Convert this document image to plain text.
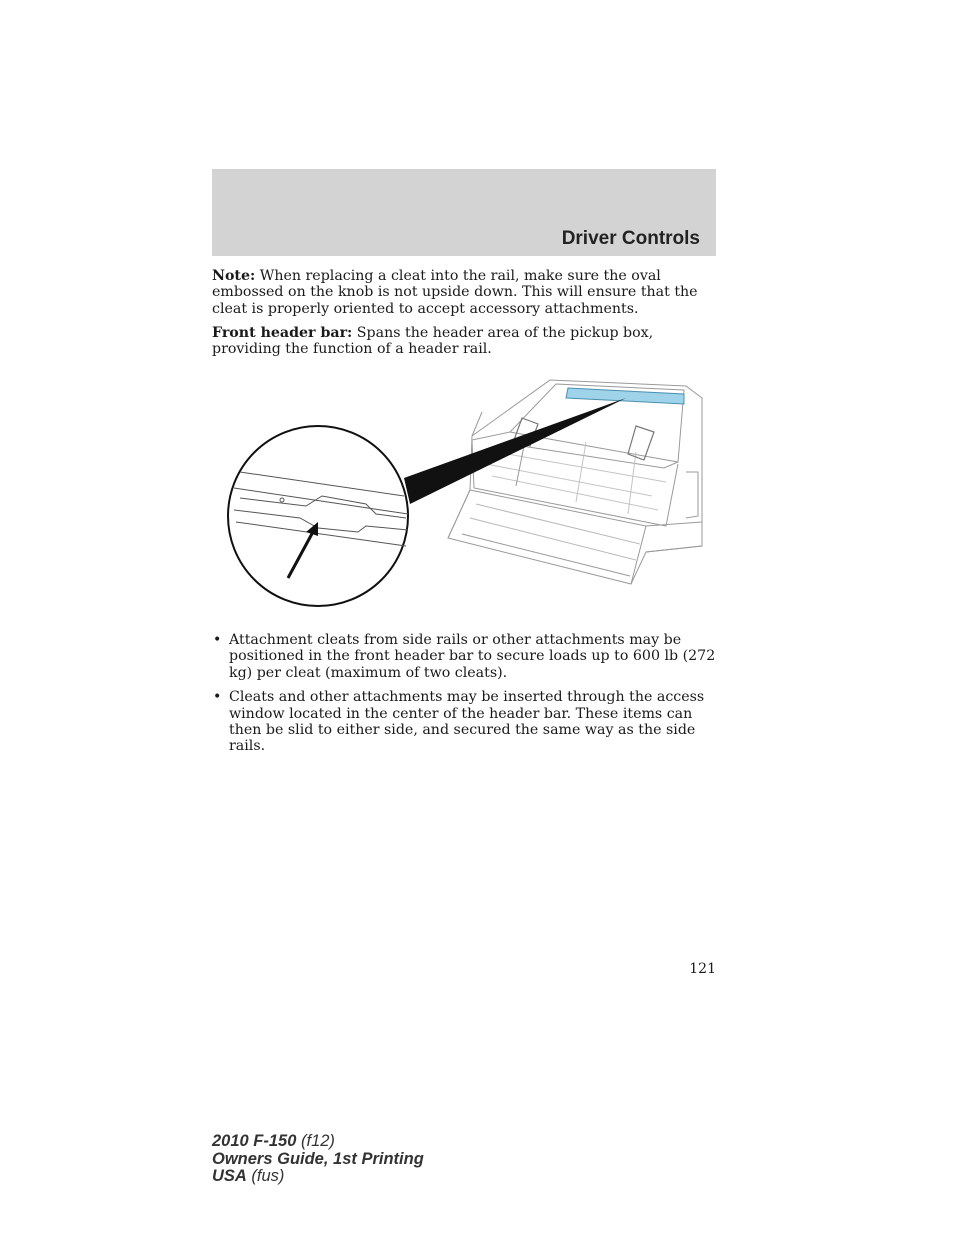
Driver Controls

Note: When replacing a cleat into the rail, make sure the oval embossed on the knob is not upside down. This will ensure that the cleat is properly oriented to accept accessory attachments.

Front header bar: Spans the header area of the pickup box, providing the function of a header rail.

• Attachment cleats from side rails or other attachments may be positioned in the front header bar to secure loads up to 600 lb (272 kg) per cleat (maximum of two cleats).
• Cleats and other attachments may be inserted through the access window located in the center of the header bar. These items can then be slid to either side, and secured the same way as the side rails.
121
2010 F-150 (f12)
Owners Guide, 1st Printing
USA (fus)
